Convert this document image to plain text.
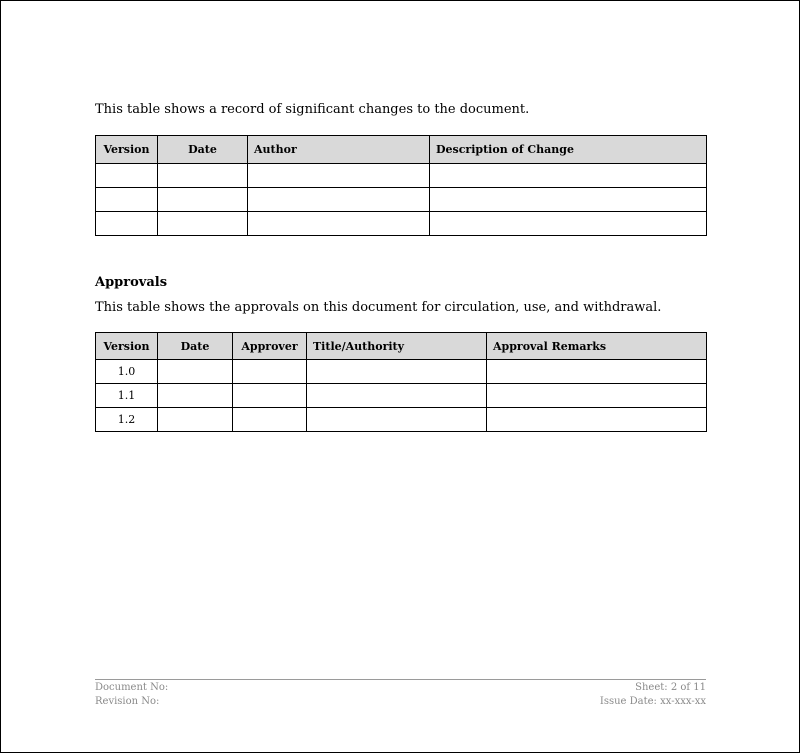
This table shows a record of significant changes to the document.

Version	Date	Author	Description of Change

Approvals

This table shows the approvals on this document for circulation, use, and withdrawal.

Version	Date	Approver	Title/Authority	Approval Remarks
1.0				
1.1				
1.2				
Document No:
Revision No:
Sheet: 2 of 11
Issue Date: xx-xxx-xx
